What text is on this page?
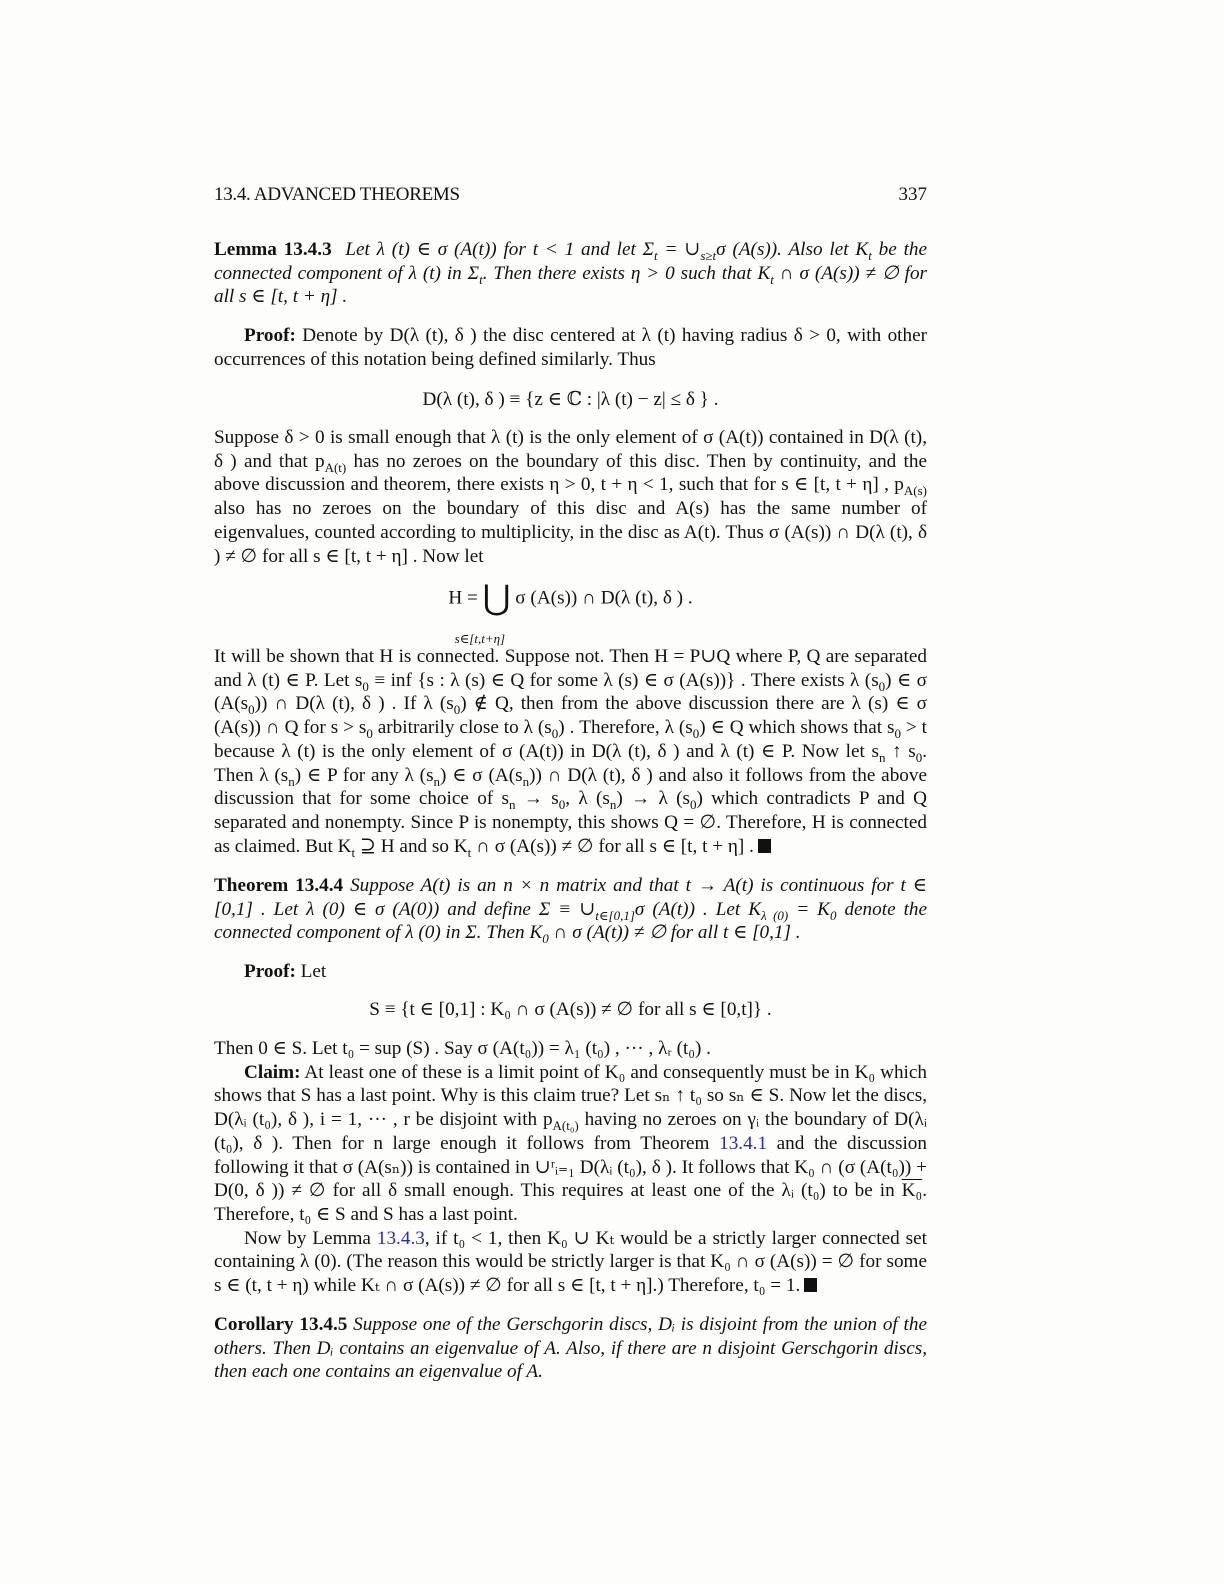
13.4. ADVANCED THEOREMS	337
Lemma 13.4.3 Let λ (t) ∈ σ (A(t)) for t < 1 and let $\Sigma_t$ = $\cup_{s\ge t}\sigma$ (A(s)). Also let $K_t$ be the connected component of λ (t) in $\Sigma_t$. Then there exists η > 0 such that $K_t$ ∩ σ (A(s)) ≠ ∅ for all s ∈ [t, t + η] .
Proof: Denote by D(λ (t), δ ) the disc centered at λ (t) having radius δ > 0, with other occurrences of this notation being defined similarly. Thus
D(λ (t), δ ) ≡ {z ∈ ℂ : |λ (t) − z| ≤ δ } .
Suppose δ > 0 is small enough that λ (t) is the only element of σ (A(t)) contained in D(λ (t), δ ) and that $p_{A(t)}$ has no zeroes on the boundary of this disc. Then by continuity, and the above discussion and theorem, there exists η > 0, t + η < 1, such that for s ∈ [t, t + η] , $p_{A(s)}$ also has no zeroes on the boundary of this disc and A(s) has the same number of eigenvalues, counted according to multiplicity, in the disc as A(t). Thus σ (A(s)) ∩ D(λ (t), δ ) ≠ ∅ for all s ∈ [t, t + η] . Now let
H = ⋃
s∈[t,t+η]
σ (A(s)) ∩ D(λ (t), δ ) .
It will be shown that H is connected. Suppose not. Then H = P∪Q where P, Q are separated and λ (t) ∈ P. Let $s_0$ ≡ inf {s : λ (s) ∈ Q for some λ (s) ∈ σ (A(s))} . There exists λ $(s_0)$ ∈ σ $(A(s_0))$ ∩ D(λ (t), δ ) . If λ $(s_0)$ ∉ Q, then from the above discussion there are λ (s) ∈ σ (A(s)) ∩ Q for $s > s_0$ arbitrarily close to λ $(s_0)$ . Therefore, λ $(s_0)$ ∈ Q which shows that $s_0 > t$ because λ (t) is the only element of σ (A(t)) in D(λ (t), δ ) and λ (t) ∈ P. Now let $s_n$ ↑ $s_0$. Then λ $(s_n)$ ∈ P for any λ $(s_n)$ ∈ σ $(A(s_n))$ ∩ D(λ (t), δ ) and also it follows from the above discussion that for some choice of $s_n \to s_0$, λ $(s_n) \to \lambda$ $(s_0)$ which contradicts P and Q separated and nonempty. Since P is nonempty, this shows Q = ∅. Therefore, H is connected as claimed. But $K_t$ ⊇ H and so $K_t$ ∩ σ (A(s)) ≠ ∅ for all s ∈ [t, t + η] .
Theorem 13.4.4 Suppose A(t) is an n × n matrix and that t → A(t) is continuous for t ∈ [0,1] . Let λ (0) ∈ σ (A(0)) and define $\Sigma \equiv \cup_{t\in[0,1]}\sigma$ (A(t)) . Let $K_{\lambda (0)} = K_0$ denote the connected component of λ (0) in Σ. Then $K_0$ ∩ σ (A(t)) ≠ ∅ for all t ∈ [0,1] .
Proof: Let
S ≡ {t ∈ [0,1] : K₀ ∩ σ (A(s)) ≠ ∅ for all s ∈ [0,t]} .
Then 0 ∈ S. Let t₀ = sup (S) . Say σ (A(t₀)) = λ₁ (t₀) , ··· , λᵣ (t₀) .
Claim: At least one of these is a limit point of K₀ and consequently must be in K₀ which shows that S has a last point. Why is this claim true? Let sₙ ↑ t₀ so sₙ ∈ S. Now let the discs, D(λᵢ (t₀), δ ), i = 1, ··· , r be disjoint with $p_{A(t_0)}$ having no zeroes on γᵢ the boundary of D(λᵢ (t₀), δ ). Then for n large enough it follows from Theorem 13.4.1 and the discussion following it that σ (A(sₙ)) is contained in ∪ʳᵢ₌₁ D(λᵢ (t₀), δ ). It follows that K₀ ∩ (σ (A(t₀)) + D(0, δ )) ≠ ∅ for all δ small enough. This requires at least one of the λᵢ (t₀) to be in K₀. Therefore, t₀ ∈ S and S has a last point.
Now by Lemma 13.4.3, if t₀ < 1, then K₀ ∪ Kₜ would be a strictly larger connected set containing λ (0). (The reason this would be strictly larger is that K₀ ∩ σ (A(s)) = ∅ for some s ∈ (t, t + η) while Kₜ ∩ σ (A(s)) ≠ ∅ for all s ∈ [t, t + η].) Therefore, t₀ = 1.
Corollary 13.4.5 Suppose one of the Gerschgorin discs, Dᵢ is disjoint from the union of the others. Then Dᵢ contains an eigenvalue of A. Also, if there are n disjoint Gerschgorin discs, then each one contains an eigenvalue of A.
